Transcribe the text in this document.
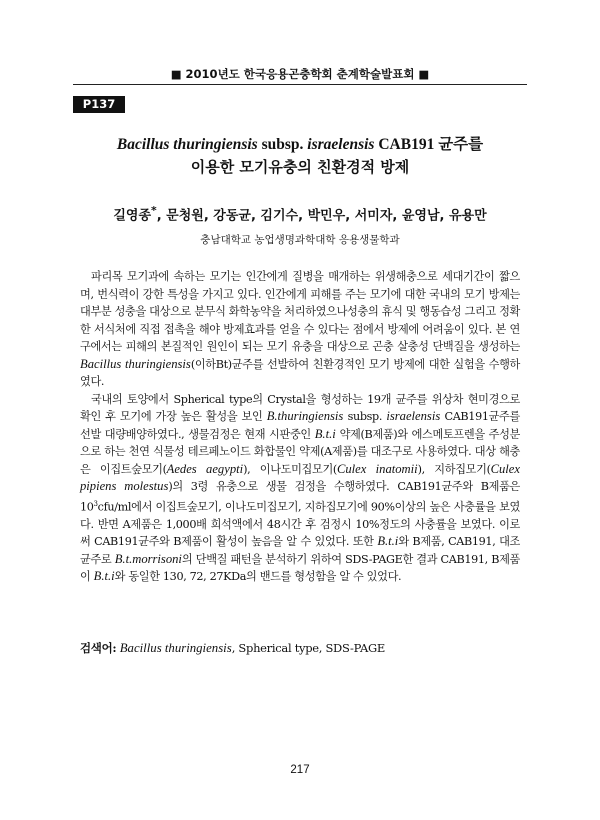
■ 2010년도 한국응용곤충학회 춘계학술발표회 ■
P137
Bacillus thuringiensis subsp. israelensis CAB191 균주를
이용한 모기유충의 친환경적 방제
길영종*, 문청원, 강동균, 김기수, 박민우, 서미자, 윤영남, 유용만
충남대학교 농업생명과학대학 응용생물학과

파리목 모기과에 속하는 모기는 인간에게 질병을 매개하는 위생해충으로 세대기간이 짧으며, 번식력이 강한 특성을 가지고 있다. 인간에게 피해를 주는 모기에 대한 국내의 모기 방제는 대부분 성충을 대상으로 분무식 화학농약을 처리하였으나성충의 휴식 및 행동습성 그리고 정확한 서식처에 직접 접촉을 해야 방제효과를 얻을 수 있다는 점에서 방제에 어려움이 있다. 본 연구에서는 피해의 본질적인 원인이 되는 모기 유충을 대상으로 곤충 살충성 단백질을 생성하는 Bacillus thuringiensis(이하Bt)균주를 선발하여 친환경적인 모기 방제에 대한 실험을 수행하였다.

국내의 토양에서 Spherical type의 Crystal을 형성하는 19개 균주를 위상차 현미경으로 확인 후 모기에 가장 높은 활성을 보인 B.thuringiensis subsp. israelensis CAB191균주를 선발 대량배양하였다., 생물검정은 현재 시판중인 B.t.i 약제(B제품)와 에스메토프렌을 주성분으로 하는 천연 식물성 테르페노이드 화합물인 약제(A제품)를 대조구로 사용하였다. 대상 해충은 이집트숲모기(Aedes aegypti), 이나도미집모기(Culex inatomii), 지하집모기(Culex pipiens molestus)의 3령 유충으로 생물 검정을 수행하였다. CAB191균주와 B제품은 $10^3cfu/ml$에서 이집트숲모기, 이나도미집모기, 지하집모기에 90%이상의 높은 사충률을 보였다. 반면 A제품은 1,000배 희석액에서 48시간 후 검정시 10%정도의 사충률을 보였다. 이로써 CAB191균주와 B제품이 활성이 높음을 알 수 있었다. 또한 B.t.i와 B제품, CAB191, 대조 균주로 B.t.morrisoni의 단백질 패턴을 분석하기 위하여 SDS-PAGE한 결과 CAB191, B제품이 B.t.i와 동일한 130, 72, 27KDa의 밴드를 형성함을 알 수 있었다.

검색어: Bacillus thuringiensis, Spherical type, SDS-PAGE
217
